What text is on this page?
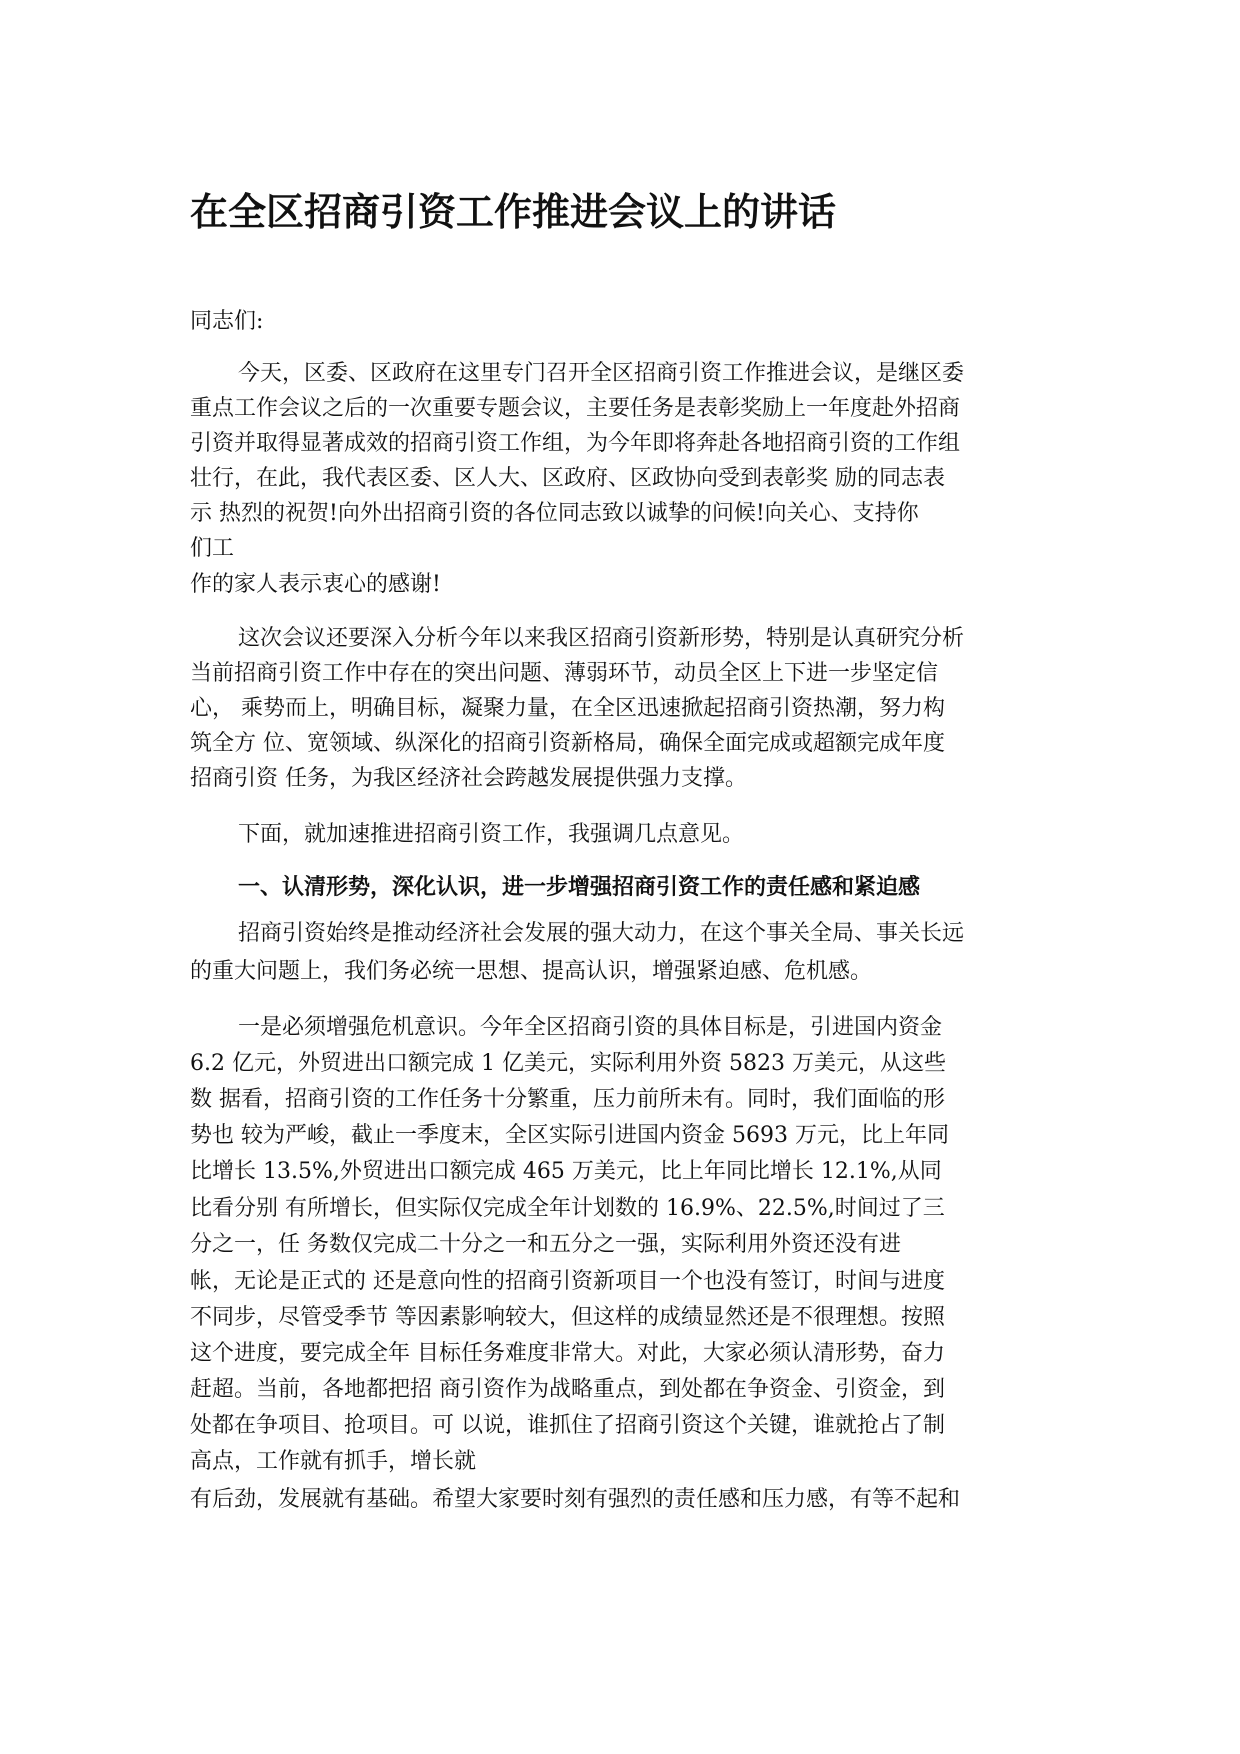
在全区招商引资工作推进会议上的讲话

同志们:

今天，区委、区政府在这里专门召开全区招商引资工作推进会议，是继区委

重点工作会议之后的一次重要专题会议，主要任务是表彰奖励上一年度赴外招商

引资并取得显著成效的招商引资工作组，为今年即将奔赴各地招商引资的工作组

壮行，在此，我代表区委、区人大、区政府、区政协向受到表彰奖 励的同志表

示 热烈的祝贺!向外出招商引资的各位同志致以诚挚的问候!向关心、支持你

们工

作的家人表示衷心的感谢!

这次会议还要深入分析今年以来我区招商引资新形势，特别是认真研究分析

当前招商引资工作中存在的突出问题、薄弱环节，动员全区上下进一步坚定信

心， 乘势而上，明确目标，凝聚力量，在全区迅速掀起招商引资热潮，努力构

筑全方 位、宽领域、纵深化的招商引资新格局，确保全面完成或超额完成年度

招商引资 任务，为我区经济社会跨越发展提供强力支撑。

下面，就加速推进招商引资工作，我强调几点意见。

一、认清形势，深化认识，进一步增强招商引资工作的责任感和紧迫感

招商引资始终是推动经济社会发展的强大动力，在这个事关全局、事关长远

的重大问题上，我们务必统一思想、提高认识，增强紧迫感、危机感。

一是必须增强危机意识。今年全区招商引资的具体目标是，引进国内资金

6.2 亿元，外贸进出口额完成 1 亿美元，实际利用外资 5823 万美元，从这些

数 据看，招商引资的工作任务十分繁重，压力前所未有。同时，我们面临的形

势也 较为严峻，截止一季度末，全区实际引进国内资金 5693 万元，比上年同

比增长 13.5%,外贸进出口额完成 465 万美元，比上年同比增长 12.1%,从同

比看分别 有所增长，但实际仅完成全年计划数的 16.9%、22.5%,时间过了三

分之一，任 务数仅完成二十分之一和五分之一强，实际利用外资还没有进

帐，无论是正式的 还是意向性的招商引资新项目一个也没有签订，时间与进度

不同步，尽管受季节 等因素影响较大，但这样的成绩显然还是不很理想。按照

这个进度，要完成全年 目标任务难度非常大。对此，大家必须认清形势，奋力

赶超。当前，各地都把招 商引资作为战略重点，到处都在争资金、引资金，到

处都在争项目、抢项目。可 以说，谁抓住了招商引资这个关键，谁就抢占了制

高点，工作就有抓手，增长就

有后劲，发展就有基础。希望大家要时刻有强烈的责任感和压力感，有等不起和
